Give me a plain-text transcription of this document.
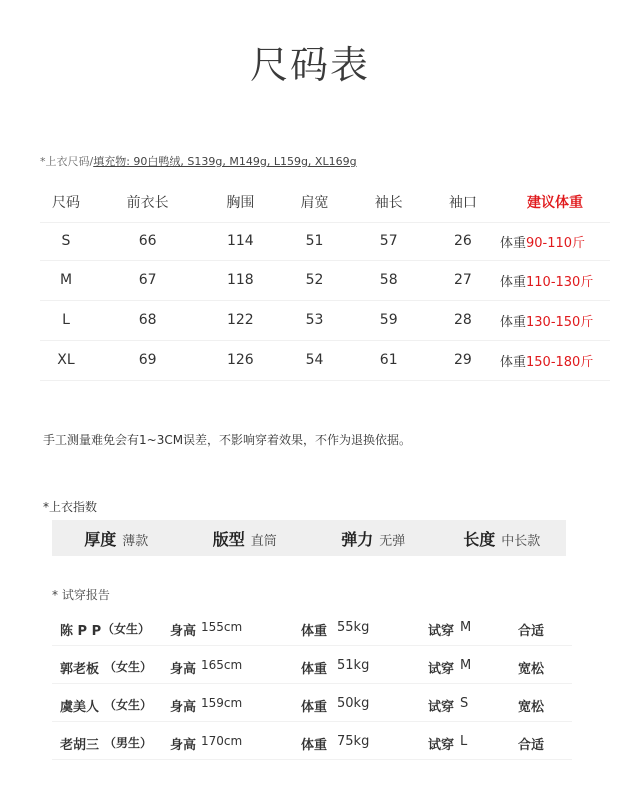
尺码表
*上衣尺码/填充物: 90白鸭绒, S139g, M149g, L159g, XL169g
尺码	前衣长	胸围	肩宽	袖长	袖口	建议体重
S	66	114	51	57	26	体重90-110斤
M	67	118	52	58	27	体重110-130斤
L	68	122	53	59	28	体重130-150斤
XL	69	126	54	61	29	体重150-180斤
手工测量难免会有1~3CM误差，不影响穿着效果，不作为退换依据。
*上衣指数
厚度 薄款	版型 直筒	弹力 无弹	长度 中长款
* 试穿报告
陈 P P （女生） 身高 155cm	体重 55kg	试穿 M	合适
郭老板 （女生） 身高 165cm	体重 51kg	试穿 M	宽松
虞美人 （女生） 身高 159cm	体重 50kg	试穿 S	宽松
老胡三 （男生） 身高 170cm	体重 75kg	试穿 L	合适
